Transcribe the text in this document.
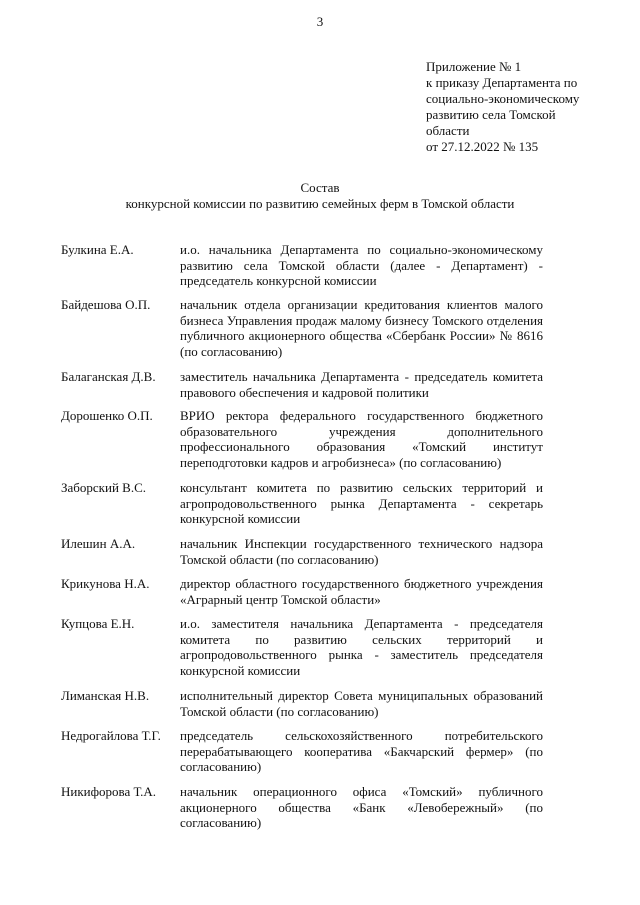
3
Приложение № 1
к приказу Департамента по
социально-экономическому
развитию села Томской
области
от 27.12.2022 № 135
Состав
конкурсной комиссии по развитию семейных ферм в Томской области
Булкина Е.А.	и.о. начальника Департамента по социально-экономическому развитию села Томской области (далее - Департамент) - председатель конкурсной комиссии
Байдешова О.П.	начальник отдела организации кредитования клиентов малого бизнеса Управления продаж малому бизнесу Томского отделения публичного акционерного общества «Сбербанк России» № 8616 (по согласованию)
Балаганская Д.В.	заместитель начальника Департамента - председатель комитета правового обеспечения и кадровой политики
Дорошенко О.П.	ВРИО ректора федерального государственного бюджетного образовательного учреждения дополнительного профессионального образования «Томский институт переподготовки кадров и агробизнеса» (по согласованию)
Заборский В.С.	консультант комитета по развитию сельских территорий и агропродовольственного рынка Департамента - секретарь конкурсной комиссии
Илешин А.А.	начальник Инспекции государственного технического надзора Томской области (по согласованию)
Крикунова Н.А.	директор областного государственного бюджетного учреждения «Аграрный центр Томской области»
Купцова Е.Н.	и.о. заместителя начальника Департамента - председателя комитета по развитию сельских территорий и агропродовольственного рынка - заместитель председателя конкурсной комиссии
Лиманская Н.В.	исполнительный директор Совета муниципальных образований Томской области (по согласованию)
Недрогайлова Т.Г.	председатель сельскохозяйственного потребительского перерабатывающего кооператива «Бакчарский фермер» (по согласованию)
Никифорова Т.А.	начальник операционного офиса «Томский» публичного акционерного общества «Банк «Левобережный» (по согласованию)
